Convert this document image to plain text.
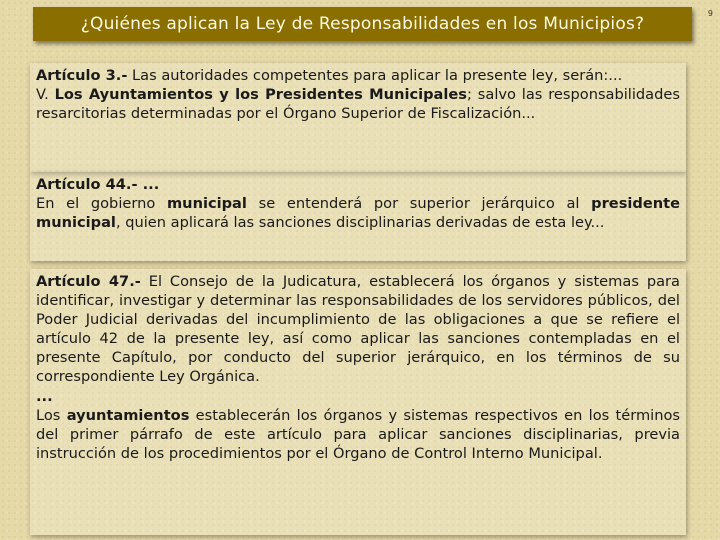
¿Quiénes aplican la Ley de Responsabilidades en los Municipios?
9
Artículo 3.- Las autoridades competentes para aplicar la presente ley, serán:...
V. Los Ayuntamientos y los Presidentes Municipales; salvo las responsabilidades resarcitorias determinadas por el Órgano Superior de Fiscalización...
Artículo 44.- ...
En el gobierno municipal se entenderá por superior jerárquico al presidente municipal, quien aplicará las sanciones disciplinarias derivadas de esta ley...
Artículo 47.- El Consejo de la Judicatura, establecerá los órganos y sistemas para identificar, investigar y determinar las responsabilidades de los servidores públicos, del Poder Judicial derivadas del incumplimiento de las obligaciones a que se refiere el artículo 42 de la presente ley, así como aplicar las sanciones contempladas en el presente Capítulo, por conducto del superior jerárquico, en los términos de su correspondiente Ley Orgánica.
...
Los ayuntamientos establecerán los órganos y sistemas respectivos en los términos del primer párrafo de este artículo para aplicar sanciones disciplinarias, previa instrucción de los procedimientos por el Órgano de Control Interno Municipal.
